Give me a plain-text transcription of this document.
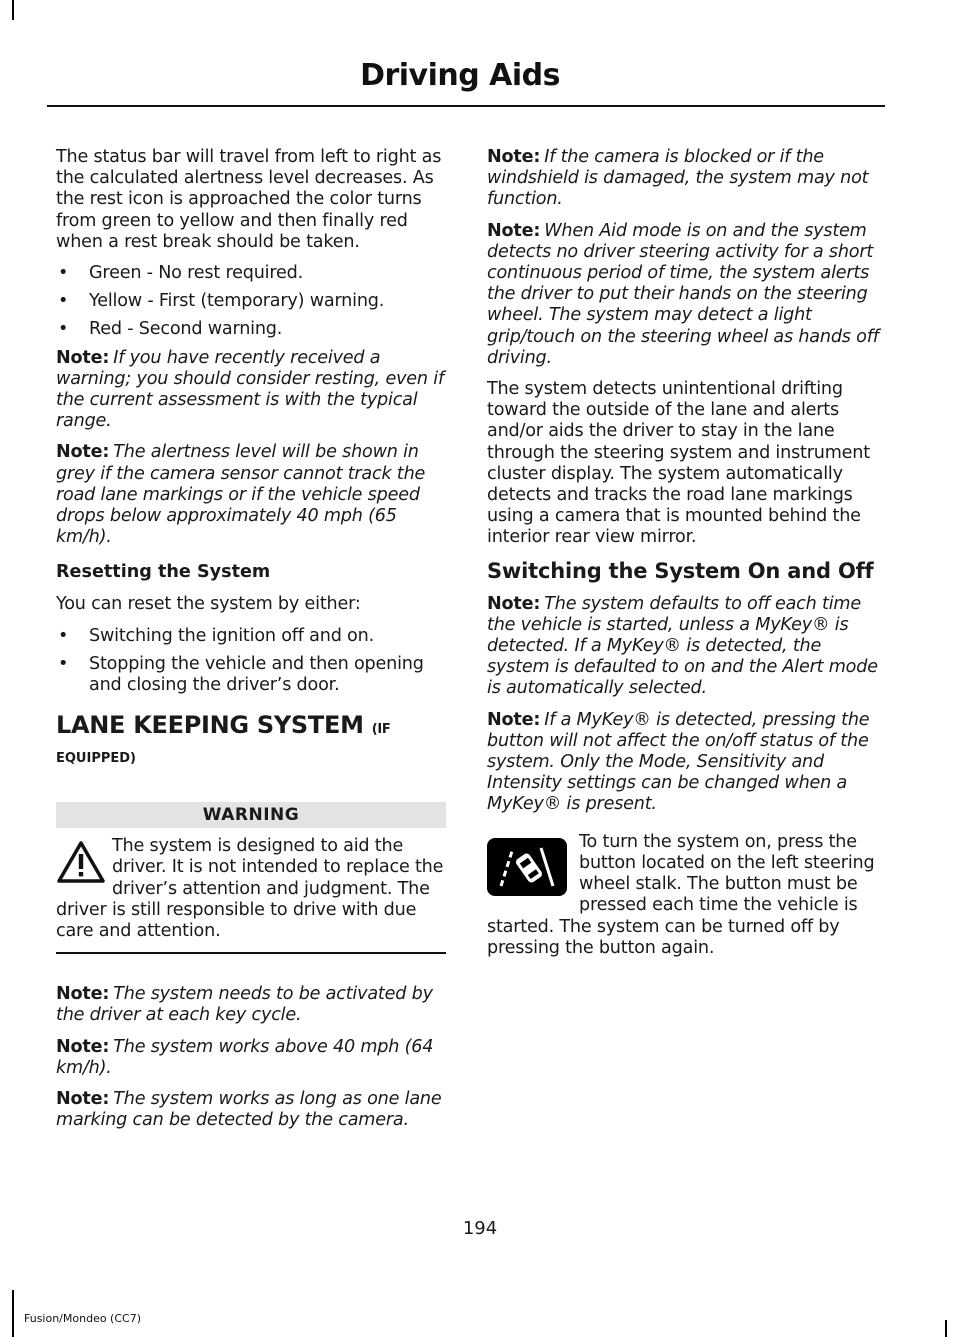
Driving Aids

The status bar will travel from left to right as the calculated alertness level decreases. As the rest icon is approached the color turns from green to yellow and then finally red when a rest break should be taken.

• Green - No rest required.
• Yellow - First (temporary) warning.
• Red - Second warning.

Note: If you have recently received a warning; you should consider resting, even if the current assessment is with the typical range.

Note: The alertness level will be shown in grey if the camera sensor cannot track the road lane markings or if the vehicle speed drops below approximately 40 mph (65 km/h).

Resetting the System

You can reset the system by either:

• Switching the ignition off and on.
• Stopping the vehicle and then opening and closing the driver’s door.
LANE KEEPING SYSTEM (IF
EQUIPPED)
WARNING
The system is designed to aid the driver. It is not intended to replace the driver’s attention and judgment. The driver is still responsible to drive with due care and attention.

Note: The system needs to be activated by the driver at each key cycle.

Note: The system works above 40 mph (64 km/h).

Note: The system works as long as one lane marking can be detected by the camera.

Note: If the camera is blocked or if the windshield is damaged, the system may not function.

Note: When Aid mode is on and the system detects no driver steering activity for a short continuous period of time, the system alerts the driver to put their hands on the steering wheel. The system may detect a light grip/touch on the steering wheel as hands off driving.

The system detects unintentional drifting toward the outside of the lane and alerts and/or aids the driver to stay in the lane through the steering system and instrument cluster display. The system automatically detects and tracks the road lane markings using a camera that is mounted behind the interior rear view mirror.

Switching the System On and Off

Note: The system defaults to off each time the vehicle is started, unless a MyKey® is detected. If a MyKey® is detected, the system is defaulted to on and the Alert mode is automatically selected.

Note: If a MyKey® is detected, pressing the button will not affect the on/off status of the system. Only the Mode, Sensitivity and Intensity settings can be changed when a MyKey® is present.

To turn the system on, press the button located on the left steering wheel stalk. The button must be pressed each time the vehicle is started. The system can be turned off by pressing the button again.

194
Fusion/Mondeo (CC7)
